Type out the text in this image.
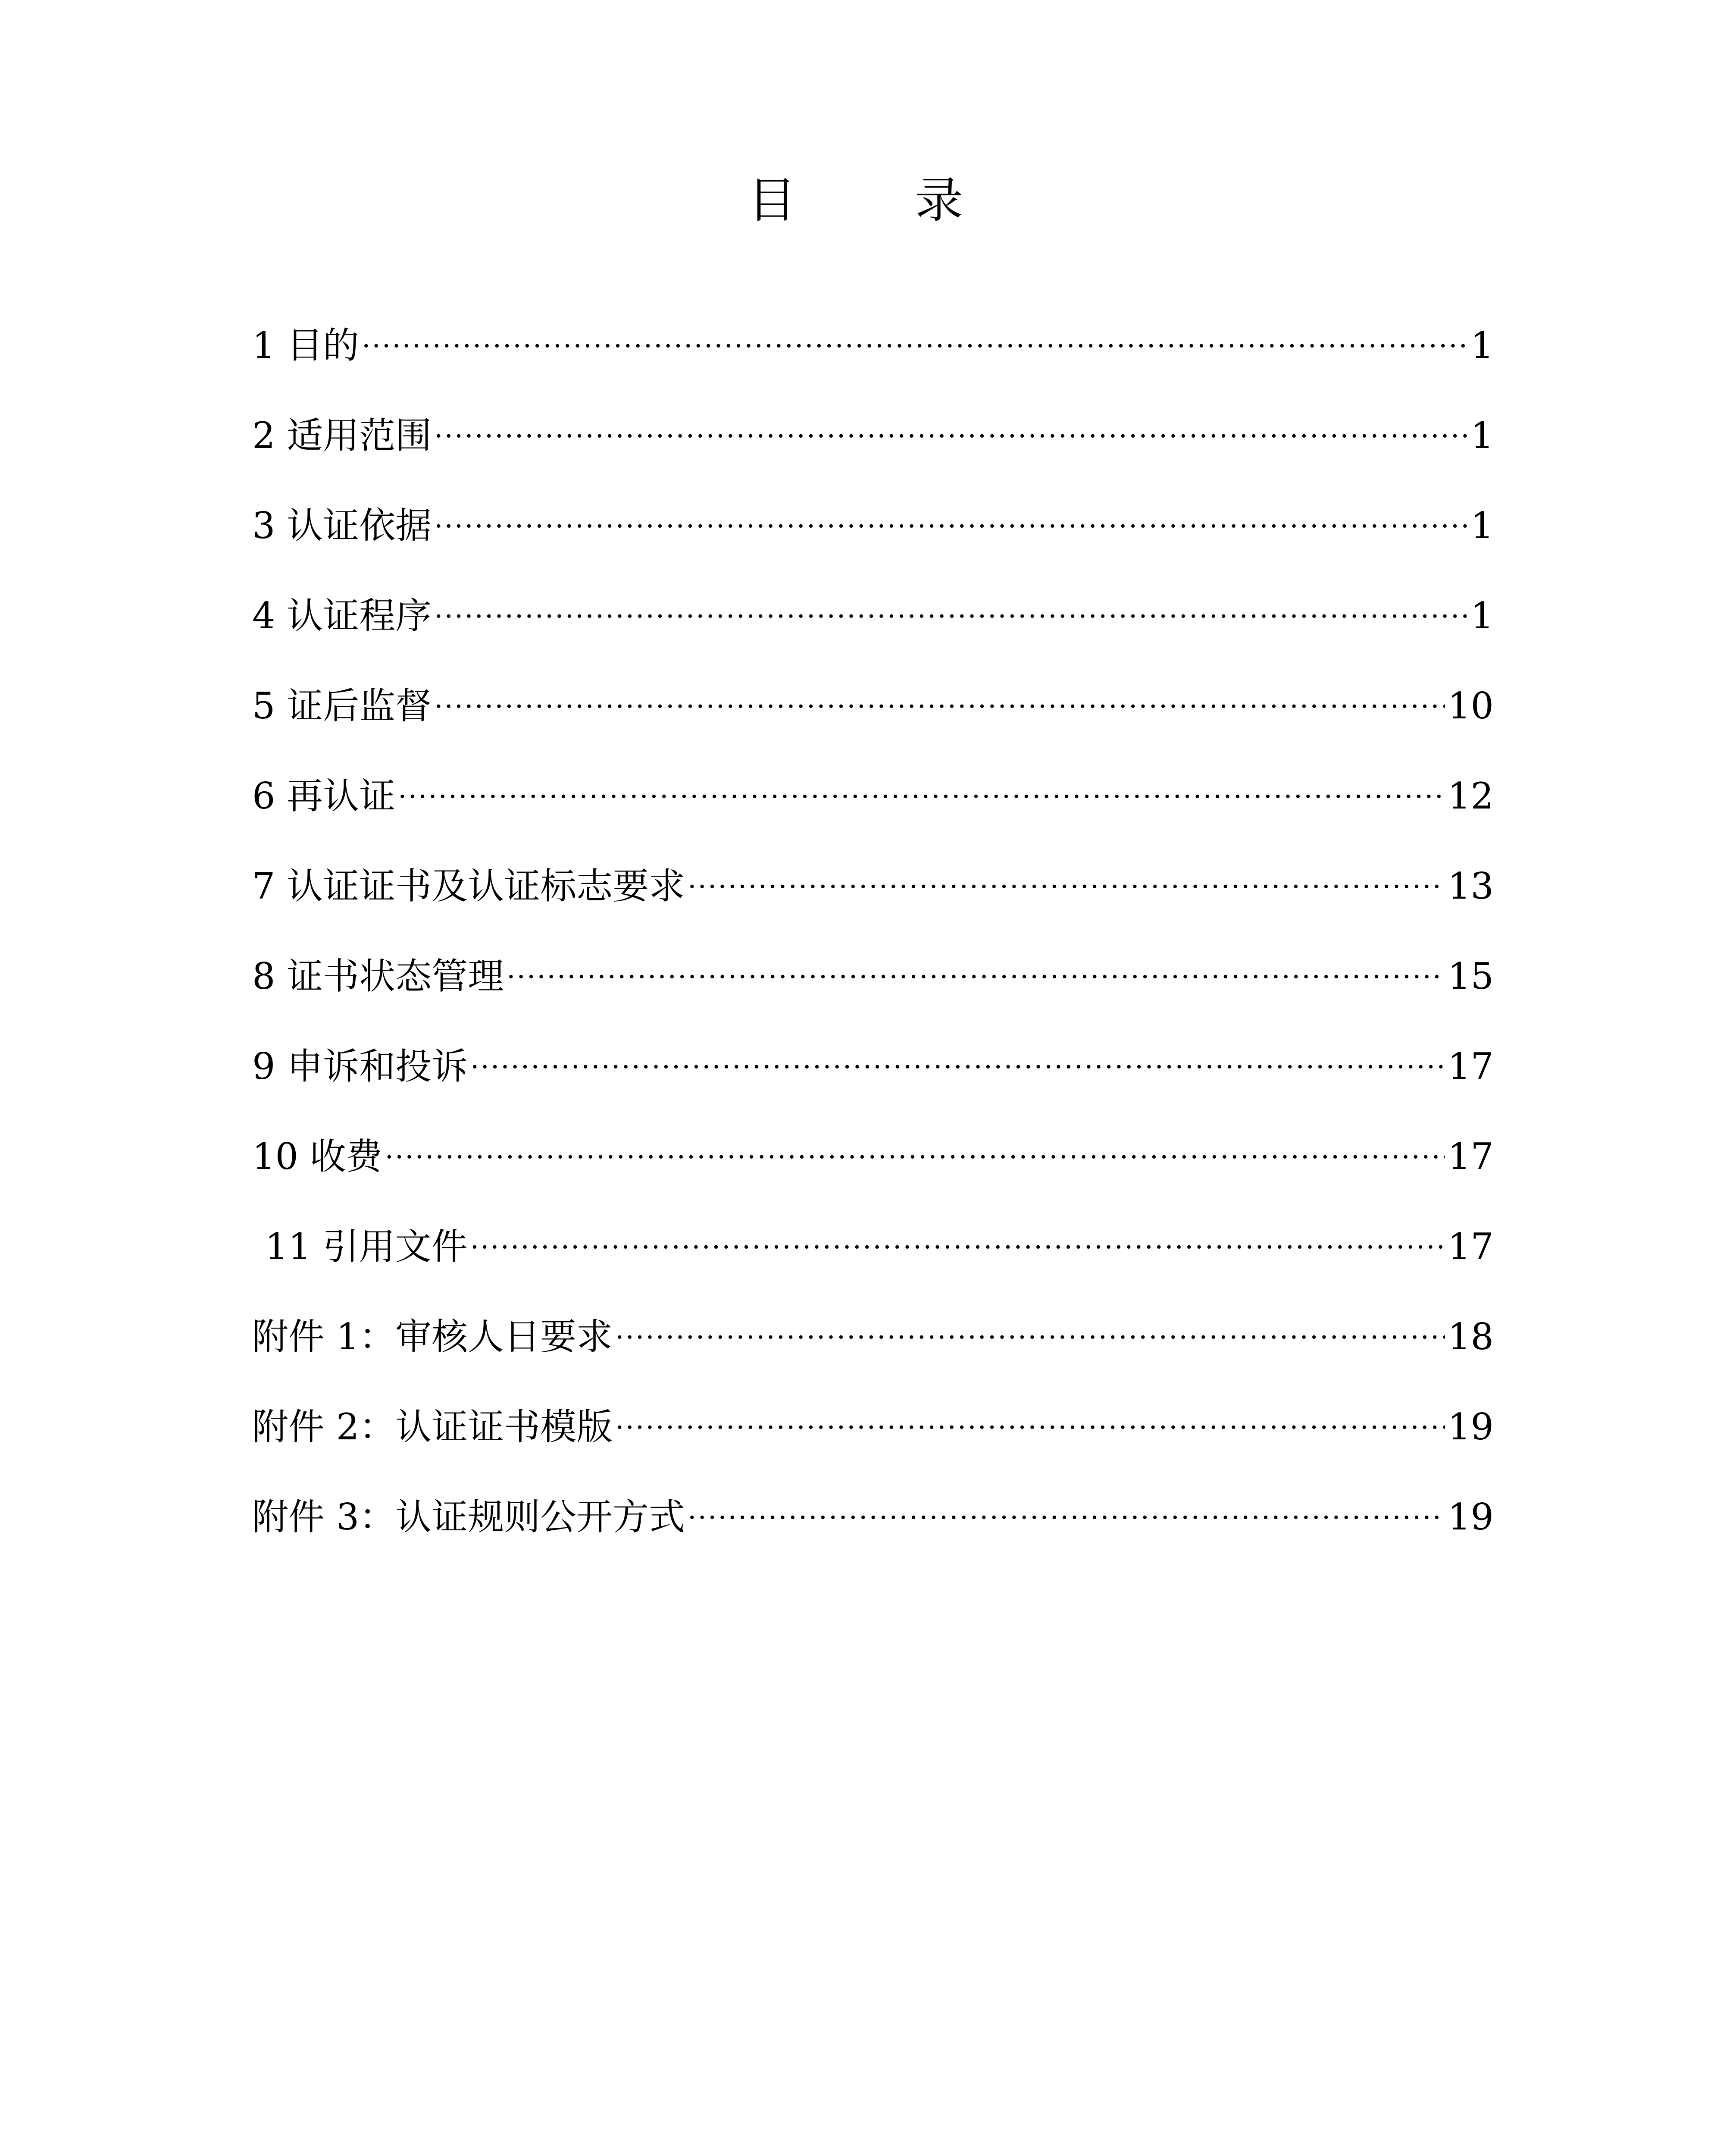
目 录
1 目的 .....	1
2 适用范围 .....	1
3 认证依据 .....	1
4 认证程序 .....	1
5 证后监督 .....	10
6 再认证 .....	12
7 认证证书及认证标志要求 .....	13
8 证书状态管理 .....	15
9 申诉和投诉 .....	17
10 收费 .....	17
11 引用文件 .....	17
附件 1：审核人日要求 .....	18
附件 2：认证证书模版 .....	19
附件 3：认证规则公开方式 .....	19
